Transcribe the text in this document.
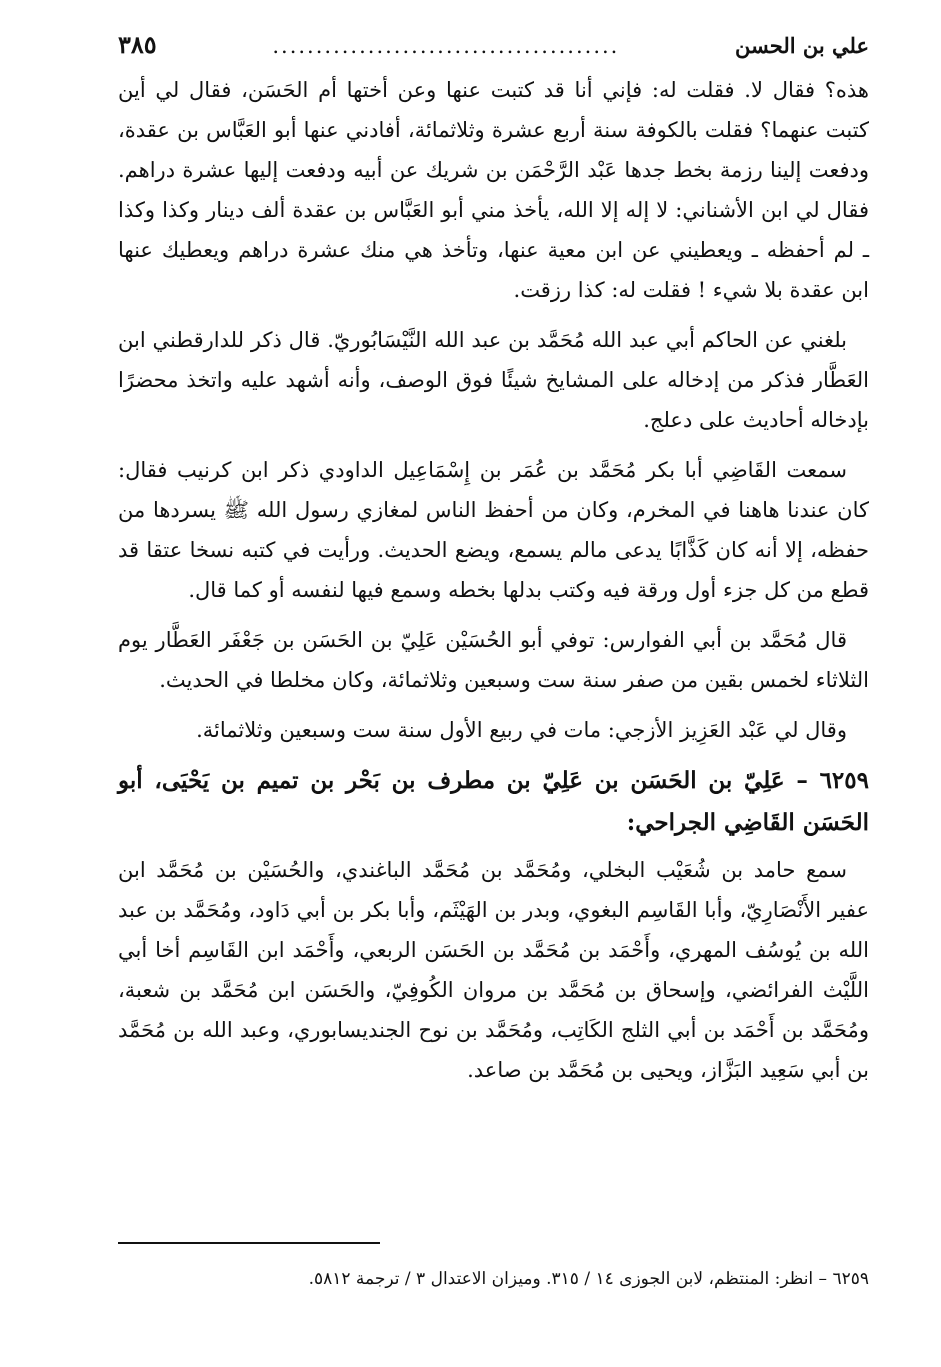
علي بن الحسن
........................................
٣٨٥

هذه؟ فقال لا. فقلت له: فإني أنا قد كتبت عنها وعن أختها أم الحَسَن، فقال لي أين كتبت عنهما؟ فقلت بالكوفة سنة أربع عشرة وثلاثمائة، أفادني عنها أبو العَبَّاس بن عقدة، ودفعت إلينا رزمة بخط جدها عَبْد الرَّحْمَن بن شريك عن أبيه ودفعت إليها عشرة دراهم. فقال لي ابن الأشناني: لا إله إلا الله، يأخذ مني أبو العَبَّاس بن عقدة ألف دينار وكذا وكذا ـ لم أحفظه ـ ويعطيني عن ابن معية عنها، وتأخذ هي منك عشرة دراهم ويعطيك عنها ابن عقدة بلا شيء ! فقلت له: كذا رزقت.

بلغني عن الحاكم أبي عبد الله مُحَمَّد بن عبد الله النَّيْسَابُوريّ. قال ذكر للدارقطني ابن العَطَّار فذكر من إدخاله على المشايخ شيئًا فوق الوصف، وأنه أشهد عليه واتخذ محضرًا بإدخاله أحاديث على دعلج.

سمعت القَاضِي أبا بكر مُحَمَّد بن عُمَر بن إِسْمَاعِيل الداودي ذكر ابن كرنيب فقال: كان عندنا هاهنا في المخرم، وكان من أحفظ الناس لمغازي رسول الله ﷺ يسردها من حفظه، إلا أنه كان كَذَّابًا يدعى مالم يسمع، ويضع الحديث. ورأيت في كتبه نسخا عتقا قد قطع من كل جزء أول ورقة فيه وكتب بدلها بخطه وسمع فيها لنفسه أو كما قال.

قال مُحَمَّد بن أبي الفوارس: توفي أبو الحُسَيْن عَلِيّ بن الحَسَن بن جَعْفَر العَطَّار يوم الثلاثاء لخمس بقين من صفر سنة ست وسبعين وثلاثمائة، وكان مخلطا في الحديث.

وقال لي عَبْد العَزِيز الأزجي: مات في ربيع الأول سنة ست وسبعين وثلاثمائة.

٦٢٥٩ – عَلِيّ بن الحَسَن بن عَلِيّ بن مطرف بن بَحْر بن تميم بن يَحْيَى، أبو الحَسَن القَاضِي الجراحي:

سمع حامد بن شُعَيْب البخلي، ومُحَمَّد بن مُحَمَّد الباغندي، والحُسَيْن بن مُحَمَّد ابن عفير الأَنْصَارِيّ، وأبا القَاسِم البغوي، وبدر بن الهَيْثَم، وأبا بكر بن أبي دَاود، ومُحَمَّد بن عبد الله بن يُوسُف المهري، وأَحْمَد بن مُحَمَّد بن الحَسَن الربعي، وأَحْمَد ابن القَاسِم أخا أبي اللَّيْث الفرائضي، وإسحاق بن مُحَمَّد بن مروان الكُوفِيّ، والحَسَن ابن مُحَمَّد بن شعبة، ومُحَمَّد بن أَحْمَد بن أبي الثلج الكَاتِب، ومُحَمَّد بن نوح الجنديسابوري، وعبد الله بن مُحَمَّد بن أبي سَعِيد البَزَّاز، ويحيى بن مُحَمَّد بن صاعد.

٦٢٥٩ – انظر: المنتظم، لابن الجوزى ١٤ / ٣١٥. وميزان الاعتدال ٣ / ترجمة ٥٨١٢.
